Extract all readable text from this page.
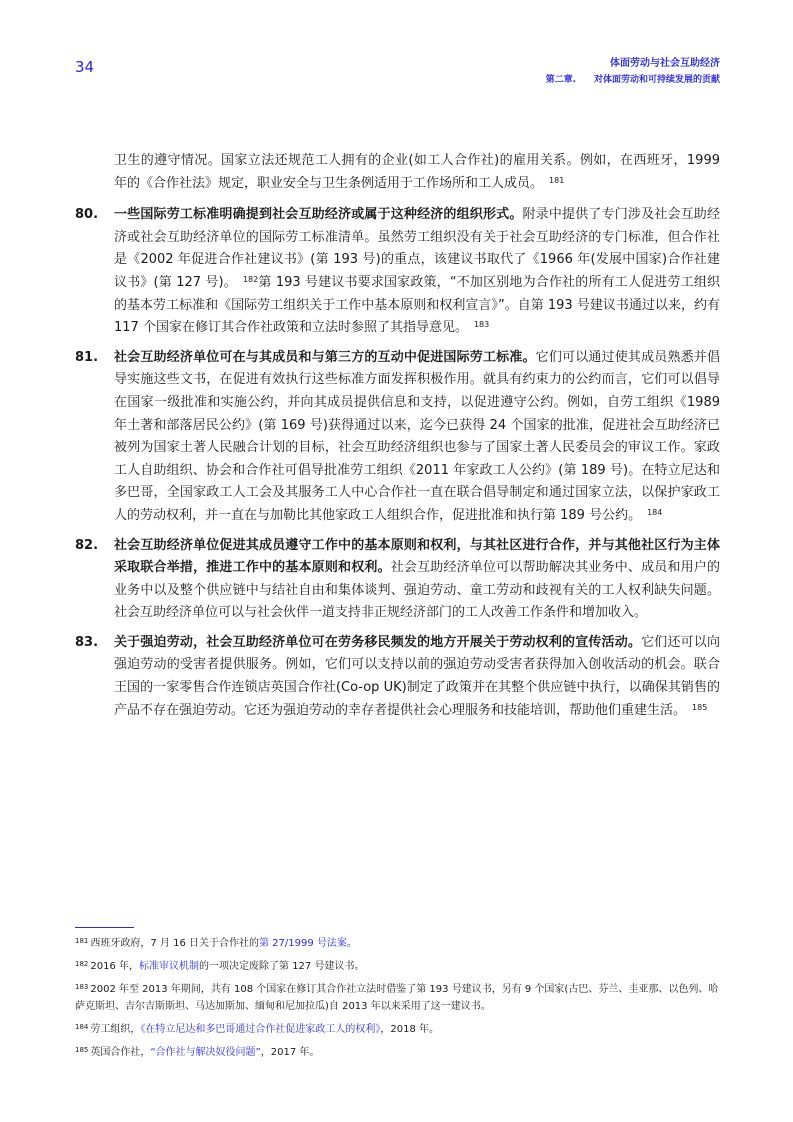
34	体面劳动与社会互助经济
第二章. 对体面劳动和可持续发展的贡献
卫生的遵守情况。国家立法还规范工人拥有的企业(如工人合作社)的雇用关系。例如，在西班牙，1999 年的《合作社法》规定，职业安全与卫生条例适用于工作场所和工人成员。 $^{181}$
80. 一些国际劳工标准明确提到社会互助经济或属于这种经济的组织形式。附录中提供了专门涉及社会互助经济或社会互助经济单位的国际劳工标准清单。虽然劳工组织没有关于社会互助经济的专门标准，但合作社是《2002 年促进合作社建议书》(第 193 号)的重点，该建议书取代了《1966 年(发展中国家)合作社建议书》(第 127 号)。 $^{182}$第 193 号建议书要求国家政策，“不加区别地为合作社的所有工人促进劳工组织的基本劳工标准和《国际劳工组织关于工作中基本原则和权利宣言》”。自第 193 号建议书通过以来，约有 117 个国家在修订其合作社政策和立法时参照了其指导意见。 $^{183}$
81. 社会互助经济单位可在与其成员和与第三方的互动中促进国际劳工标准。它们可以通过使其成员熟悉并倡导实施这些文书，在促进有效执行这些标准方面发挥积极作用。就具有约束力的公约而言，它们可以倡导在国家一级批准和实施公约，并向其成员提供信息和支持，以促进遵守公约。例如，自劳工组织《1989 年土著和部落居民公约》(第 169 号)获得通过以来，迄今已获得 24 个国家的批准，促进社会互助经济已被列为国家土著人民融合计划的目标，社会互助经济组织也参与了国家土著人民委员会的审议工作。家政工人自助组织、协会和合作社可倡导批准劳工组织《2011 年家政工人公约》(第 189 号)。在特立尼达和多巴哥，全国家政工人工会及其服务工人中心合作社一直在联合倡导制定和通过国家立法，以保护家政工人的劳动权利，并一直在与加勒比其他家政工人组织合作，促进批准和执行第 189 号公约。 $^{184}$
82. 社会互助经济单位促进其成员遵守工作中的基本原则和权利，与其社区进行合作，并与其他社区行为主体采取联合举措，推进工作中的基本原则和权利。社会互助经济单位可以帮助解决其业务中、成员和用户的业务中以及整个供应链中与结社自由和集体谈判、强迫劳动、童工劳动和歧视有关的工人权利缺失问题。社会互助经济单位可以与社会伙伴一道支持非正规经济部门的工人改善工作条件和增加收入。
83. 关于强迫劳动，社会互助经济单位可在劳务移民频发的地方开展关于劳动权利的宣传活动。它们还可以向强迫劳动的受害者提供服务。例如，它们可以支持以前的强迫劳动受害者获得加入创收活动的机会。联合王国的一家零售合作连锁店英国合作社(Co-op UK)制定了政策并在其整个供应链中执行，以确保其销售的产品不存在强迫劳动。它还为强迫劳动的幸存者提供社会心理服务和技能培训，帮助他们重建生活。 $^{185}$
$^{181}$ 西班牙政府，7 月 16 日关于合作社的第 27/1999 号法案。
$^{182}$ 2016 年，标准审议机制的一项决定废除了第 127 号建议书。
$^{183}$ 2002 年至 2013 年期间，共有 108 个国家在修订其合作社立法时借鉴了第 193 号建议书，另有 9 个国家(古巴、芬兰、圭亚那、以色列、哈萨克斯坦、吉尔吉斯斯坦、马达加斯加、缅甸和尼加拉瓜)自 2013 年以来采用了这一建议书。
$^{184}$ 劳工组织，《在特立尼达和多巴哥通过合作社促进家政工人的权利》，2018 年。
$^{185}$ 英国合作社，“合作社与解决奴役问题”，2017 年。
